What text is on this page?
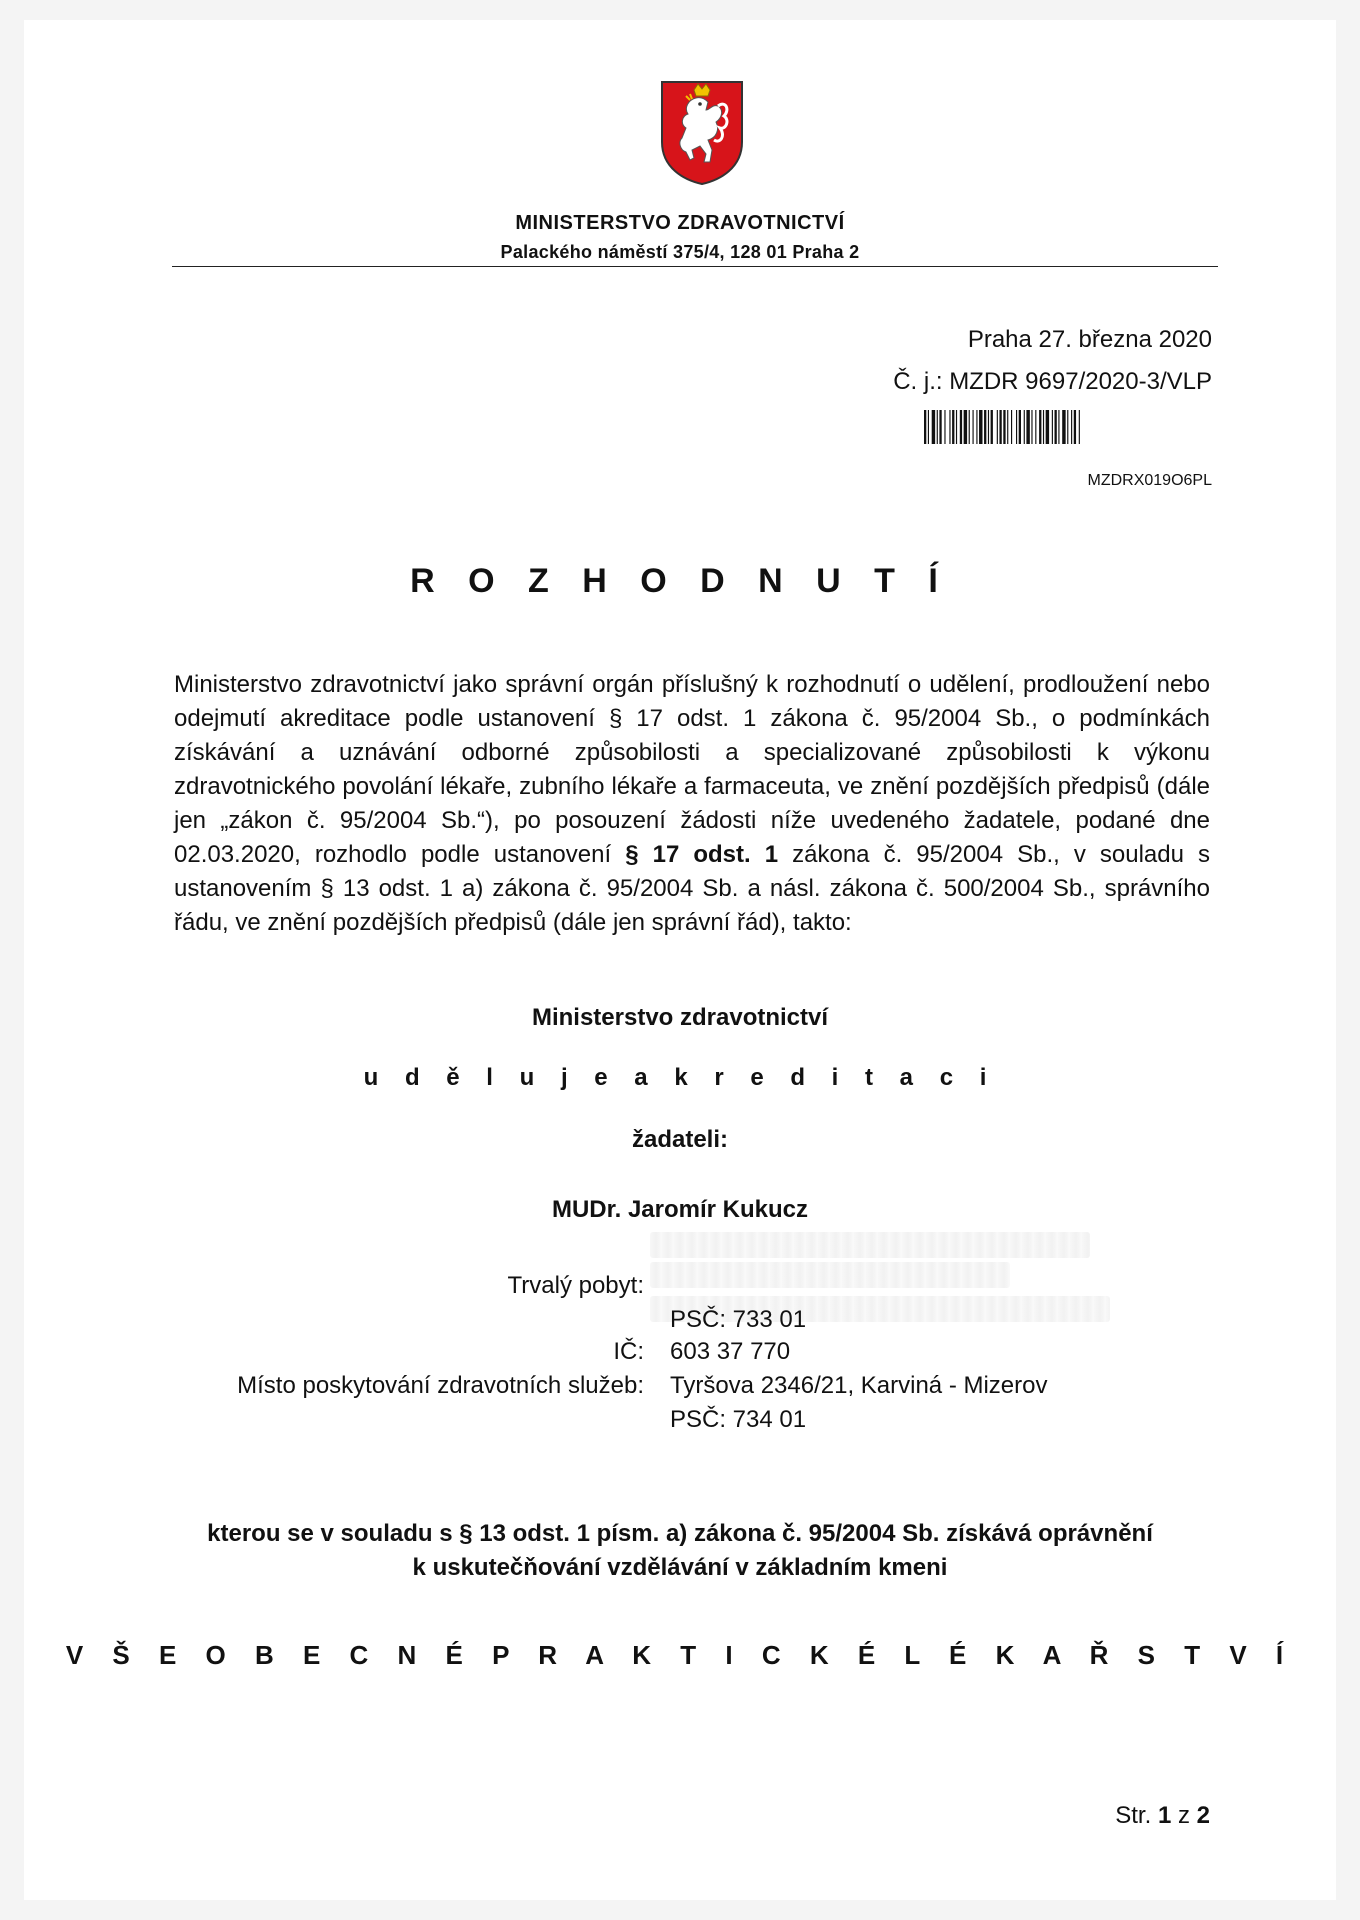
MINISTERSTVO ZDRAVOTNICTVÍ
Palackého náměstí 375/4, 128 01 Praha 2
Praha 27. března 2020
Č. j.: MZDR 9697/2020-3/VLP
MZDRX019O6PL
R O Z H O D N U T Í

Ministerstvo zdravotnictví jako správní orgán příslušný k rozhodnutí o udělení, prodloužení nebo odejmutí akreditace podle ustanovení § 17 odst. 1 zákona č. 95/2004 Sb., o podmínkách získávání a uznávání odborné způsobilosti a specializované způsobilosti k výkonu zdravotnického povolání lékaře, zubního lékaře a farmaceuta, ve znění pozdějších předpisů (dále jen „zákon č. 95/2004 Sb.“), po posouzení žádosti níže uvedeného žadatele, podané dne 02.03.2020, rozhodlo podle ustanovení § 17 odst. 1 zákona č. 95/2004 Sb., v souladu s ustanovením § 13 odst. 1 a) zákona č. 95/2004 Sb. a násl. zákona č. 500/2004 Sb., správního řádu, ve znění pozdějších předpisů (dále jen správní řád), takto:

Ministerstvo zdravotnictví
u d ě l u j e a k r e d i t a c i
žadateli:
MUDr. Jaromír Kukucz
Trvalý pobyt:
PSČ: 733 01
IČ: 603 37 770
Místo poskytování zdravotních služeb: Tyršova 2346/21, Karviná - Mizerov
PSČ: 734 01
kterou se v souladu s § 13 odst. 1 písm. a) zákona č. 95/2004 Sb. získává oprávnění
k uskutečňování vzdělávání v základním kmeni
V Š E O B E C N É P R A K T I C K É L É K A Ř S T V Í
Str. 1 z 2
